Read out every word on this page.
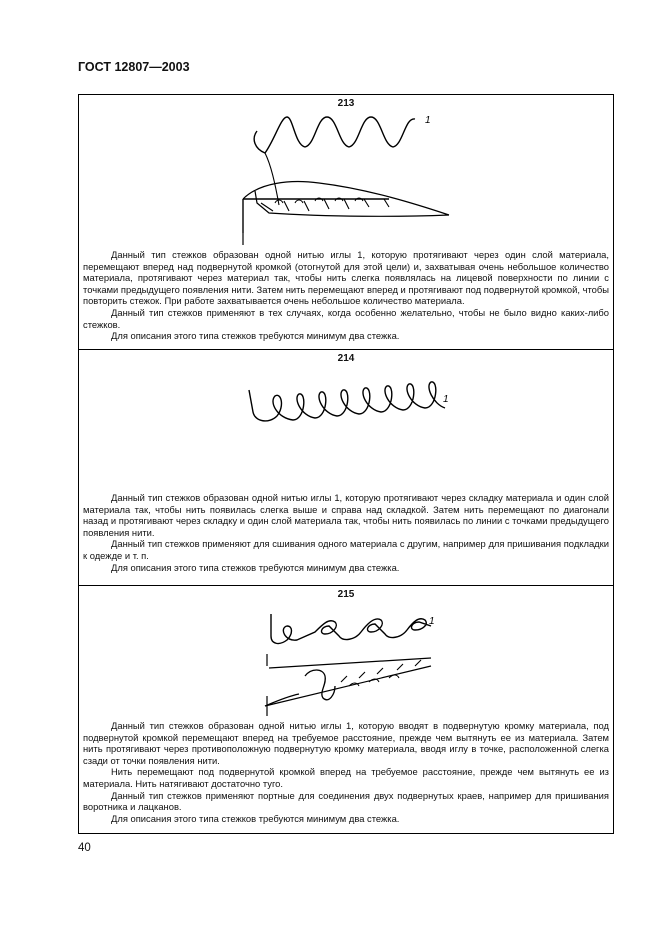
ГОСТ 12807—2003
213
1

Данный тип стежков образован одной нитью иглы 1, которую протягивают через один слой материала, перемещают вперед над подвернутой кромкой (отогнутой для этой цели) и, захватывая очень небольшое количество материала, протягивают через материал так, чтобы нить слегка появлялась на лицевой поверхности по линии с точками предыдущего появления нити. Затем нить перемещают вперед и протягивают под подвернутой кромкой, чтобы повторить стежок. При работе захватывается очень небольшое количество материала.

Данный тип стежков применяют в тех случаях, когда особенно желательно, чтобы не было видно каких-либо стежков.

Для описания этого типа стежков требуются минимум два стежка.

214
1

Данный тип стежков образован одной нитью иглы 1, которую протягивают через складку материала и один слой материала так, чтобы нить появилась слегка выше и справа над складкой. Затем нить перемещают по диагонали назад и протягивают через складку и один слой материала так, чтобы нить появилась по линии с точками предыдущего появления нити.

Данный тип стежков применяют для сшивания одного материала с другим, например для пришивания подкладки к одежде и т. п.

Для описания этого типа стежков требуются минимум два стежка.

215
1

Данный тип стежков образован одной нитью иглы 1, которую вводят в подвернутую кромку материала, под подвернутой кромкой перемещают вперед на требуемое расстояние, прежде чем вытянуть ее из материала. Затем нить протягивают через противоположную подвернутую кромку материала, вводя иглу в точке, расположенной слегка сзади от точки появления нити.

Нить перемещают под подвернутой кромкой вперед на требуемое расстояние, прежде чем вытянуть ее из материала. Нить натягивают достаточно туго.

Данный тип стежков применяют портные для соединения двух подвернутых краев, например для пришивания воротника и лацканов.

Для описания этого типа стежков требуются минимум два стежка.

40
